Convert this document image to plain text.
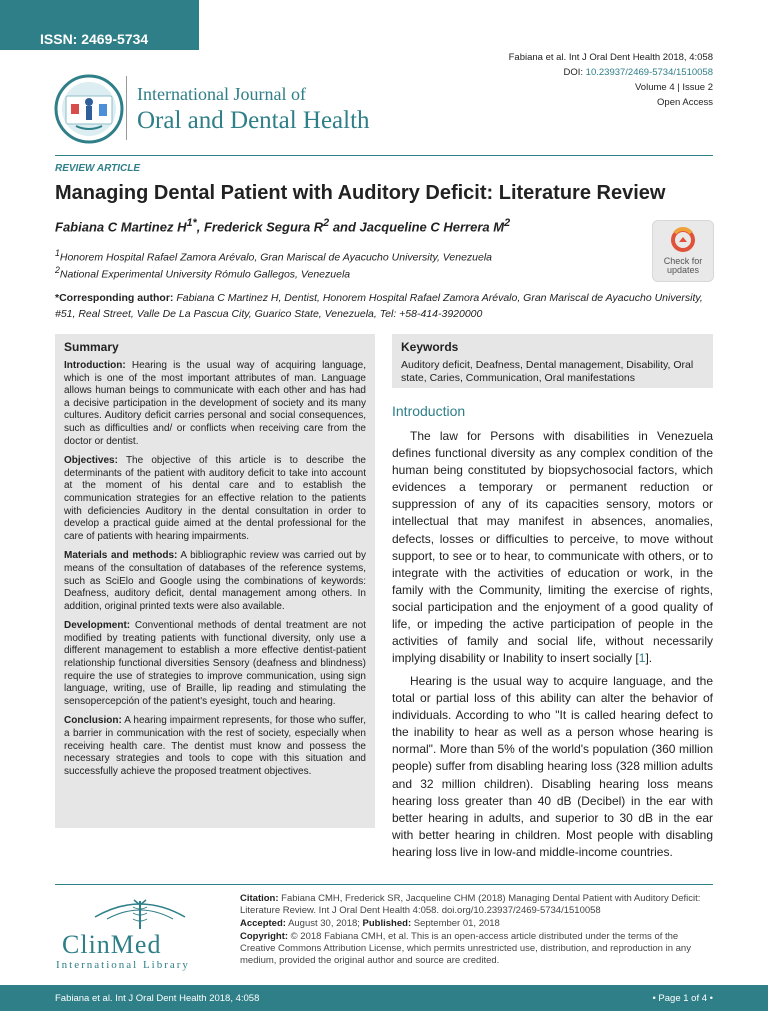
ISSN: 2469-5734
Fabiana et al. Int J Oral Dent Health 2018, 4:058
DOI: 10.23937/2469-5734/1510058
Volume 4 | Issue 2
Open Access
International Journal of
Oral and Dental Health
REVIEW ARTICLE
Managing Dental Patient with Auditory Deficit: Literature Review
Fabiana C Martinez $H^{1*}$, Frederick Segura $R^2$ and Jacqueline C Herrera $M^2$
$^1$Honorem Hospital Rafael Zamora Arévalo, Gran Mariscal de Ayacucho University, Venezuela
$^2$National Experimental University Rómulo Gallegos, Venezuela
Check for
updates
*Corresponding author: Fabiana C Martinez H, Dentist, Honorem Hospital Rafael Zamora Arévalo, Gran Mariscal de Ayacucho University, #51, Real Street, Valle De La Pascua City, Guarico State, Venezuela, Tel: +58-414-3920000
Summary

Introduction: Hearing is the usual way of acquiring language, which is one of the most important attributes of man. Language allows human beings to communicate with each other and has had a decisive participation in the development of society and its many cultures. Auditory deficit carries personal and social consequences, such as difficulties and/ or conflicts when receiving care from the doctor or dentist.

Objectives: The objective of this article is to describe the determinants of the patient with auditory deficit to take into account at the moment of his dental care and to establish the communication strategies for an effective relation to the patients with deficiencies Auditory in the dental consultation in order to develop a practical guide aimed at the dental professional for the care of patients with hearing impairments.

Materials and methods: A bibliographic review was carried out by means of the consultation of databases of the reference systems, such as SciElo and Google using the combinations of keywords: Deafness, auditory deficit, dental management among others. In addition, original printed texts were also available.

Development: Conventional methods of dental treatment are not modified by treating patients with functional diversity, only use a different management to establish a more effective dentist-patient relationship functional diversities Sensory (deafness and blindness) require the use of strategies to improve communication, using sign language, writing, use of Braille, lip reading and stimulating the sensopercepción of the patient's eyesight, touch and hearing.

Conclusion: A hearing impairment represents, for those who suffer, a barrier in communication with the rest of society, especially when receiving health care. The dentist must know and possess the necessary strategies and tools to cope with this situation and successfully achieve the proposed treatment objectives.

Keywords

Auditory deficit, Deafness, Dental management, Disability, Oral state, Caries, Communication, Oral manifestations

Introduction

The law for Persons with disabilities in Venezuela defines functional diversity as any complex condition of the human being constituted by biopsychosocial factors, which evidences a temporary or permanent reduction or suppression of any of its capacities sensory, motors or intellectual that may manifest in absences, anomalies, defects, losses or difficulties to perceive, to move without support, to see or to hear, to communicate with others, or to integrate with the activities of education or work, in the family with the Community, limiting the exercise of rights, social participation and the enjoyment of a good quality of life, or impeding the active participation of people in the activities of family and social life, without necessarily implying disability or Inability to insert socially [1].

Hearing is the usual way to acquire language, and the total or partial loss of this ability can alter the behavior of individuals. According to who "It is called hearing defect to the inability to hear as well as a person whose hearing is normal". More than 5% of the world's population (360 million people) suffer from disabling hearing loss (328 million adults and 32 million children). Disabling hearing loss means hearing loss greater than 40 dB (Decibel) in the ear with better hearing in adults, and superior to 30 dB in the ear with better hearing in children. Most people with disabling hearing loss live in low-and middle-income countries.

ClinMed
International Library

Citation: Fabiana CMH, Frederick SR, Jacqueline CHM (2018) Managing Dental Patient with Auditory Deficit: Literature Review. Int J Oral Dent Health 4:058. doi.org/10.23937/2469-5734/1510058

Accepted: August 30, 2018; Published: September 01, 2018

Copyright: © 2018 Fabiana CMH, et al. This is an open-access article distributed under the terms of the Creative Commons Attribution License, which permits unrestricted use, distribution, and reproduction in any medium, provided the original author and source are credited.

Fabiana et al. Int J Oral Dent Health 2018, 4:058	• Page 1 of 4 •
